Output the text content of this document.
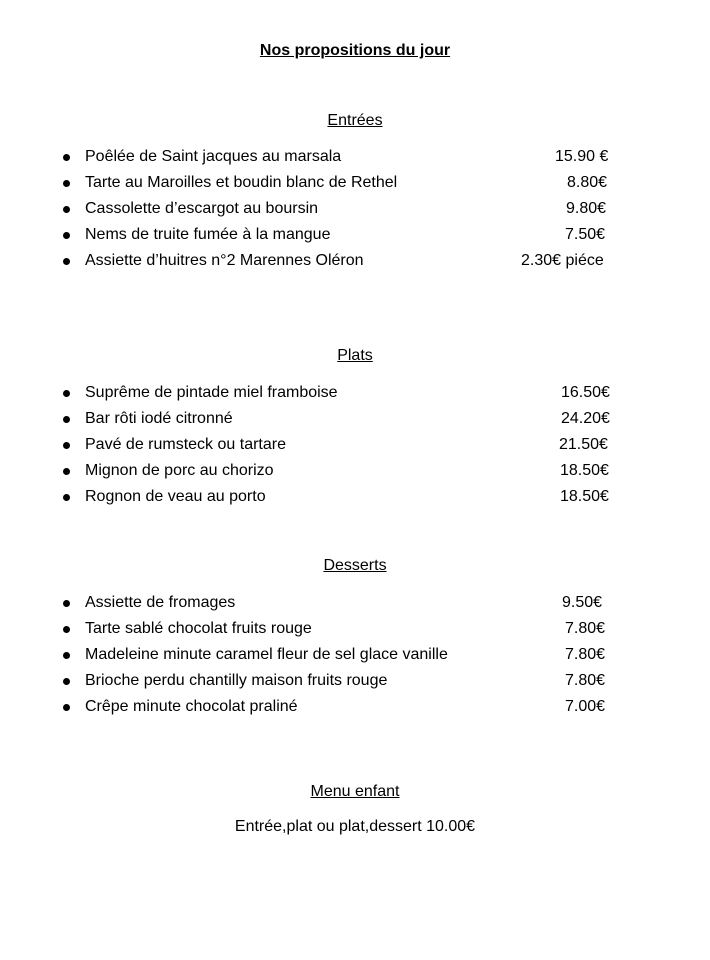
Nos propositions du jour
Entrées
Poêlée de Saint jacques au marsala	15.90 €
Tarte au Maroilles et boudin blanc de Rethel	8.80€
Cassolette d’escargot au boursin	9.80€
Nems de truite fumée à la mangue	7.50€
Assiette d’huitres n°2 Marennes Oléron	2.30€ piéce
Plats
Suprême de pintade miel framboise	16.50€
Bar rôti iodé citronné	24.20€
Pavé de rumsteck ou tartare	21.50€
Mignon de porc au chorizo	18.50€
Rognon de veau au porto	18.50€
Desserts
Assiette de fromages	9.50€
Tarte sablé chocolat fruits rouge	7.80€
Madeleine minute caramel fleur de sel glace vanille	7.80€
Brioche perdu chantilly maison fruits rouge	7.80€
Crêpe minute chocolat praliné	7.00€
Menu enfant
Entrée,plat ou plat,dessert 10.00€
